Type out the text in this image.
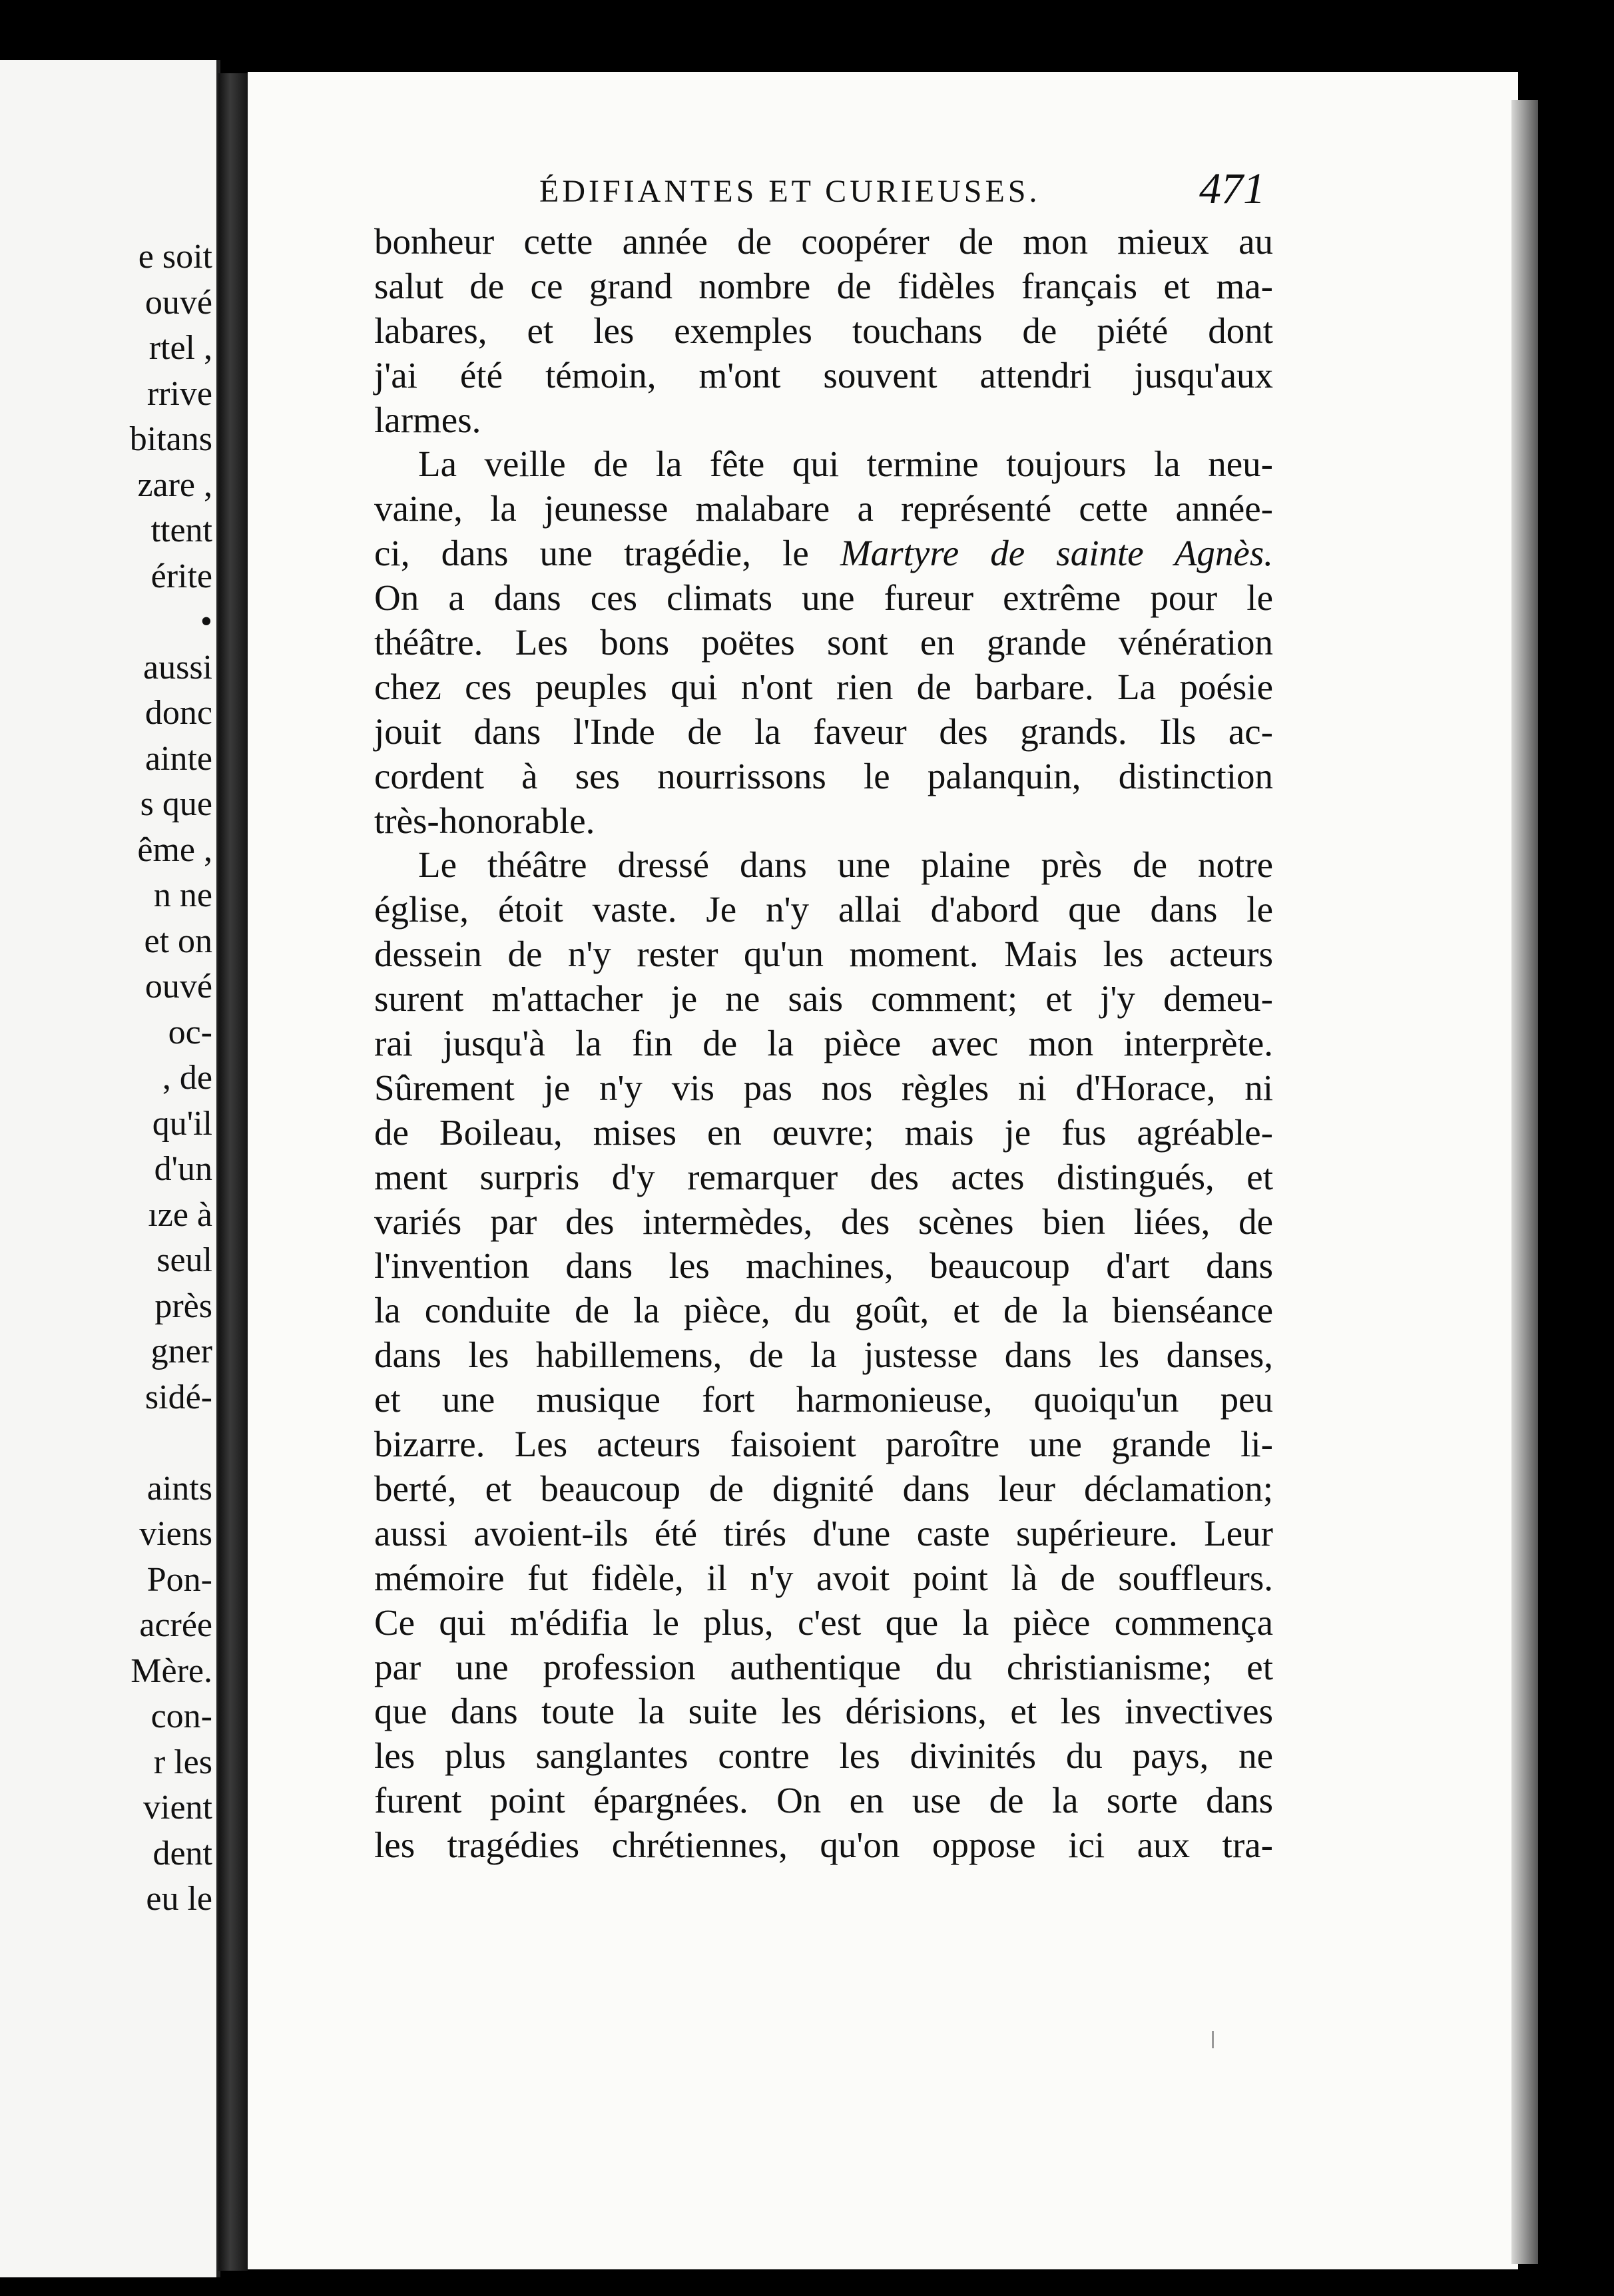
e soit
ouvé
rtel ,
rrive
bitans
zare ,
ttent
érite
•
aussi
donc
ainte
s que
ême ,
n ne
et on
ouvé
oc-
, de
qu'il
d'un
ıze à
seul
près
gner
sidé-
aints
viens
Pon-
acrée
Mère.
con-
r les
vient
dent
eu le
ÉDIFIANTES ET CURIEUSES.	471
bonheur cette année de coopérer de mon mieux au
salut de ce grand nombre de fidèles français et ma-
labares, et les exemples touchans de piété dont
j'ai été témoin, m'ont souvent attendri jusqu'aux
larmes.
La veille de la fête qui termine toujours la neu-
vaine, la jeunesse malabare a représenté cette année-
ci, dans une tragédie, le Martyre de sainte Agnès.
On a dans ces climats une fureur extrême pour le
théâtre. Les bons poëtes sont en grande vénération
chez ces peuples qui n'ont rien de barbare. La poésie
jouit dans l'Inde de la faveur des grands. Ils ac-
cordent à ses nourrissons le palanquin, distinction
très-honorable.
Le théâtre dressé dans une plaine près de notre
église, étoit vaste. Je n'y allai d'abord que dans le
dessein de n'y rester qu'un moment. Mais les acteurs
surent m'attacher je ne sais comment; et j'y demeu-
rai jusqu'à la fin de la pièce avec mon interprète.
Sûrement je n'y vis pas nos règles ni d'Horace, ni
de Boileau, mises en œuvre; mais je fus agréable-
ment surpris d'y remarquer des actes distingués, et
variés par des intermèdes, des scènes bien liées, de
l'invention dans les machines, beaucoup d'art dans
la conduite de la pièce, du goût, et de la bienséance
dans les habillemens, de la justesse dans les danses,
et une musique fort harmonieuse, quoiqu'un peu
bizarre. Les acteurs faisoient paroître une grande li-
berté, et beaucoup de dignité dans leur déclamation;
aussi avoient-ils été tirés d'une caste supérieure. Leur
mémoire fut fidèle, il n'y avoit point là de souffleurs.
Ce qui m'édifia le plus, c'est que la pièce commença
par une profession authentique du christianisme; et
que dans toute la suite les dérisions, et les invectives
les plus sanglantes contre les divinités du pays, ne
furent point épargnées. On en use de la sorte dans
les tragédies chrétiennes, qu'on oppose ici aux tra-
